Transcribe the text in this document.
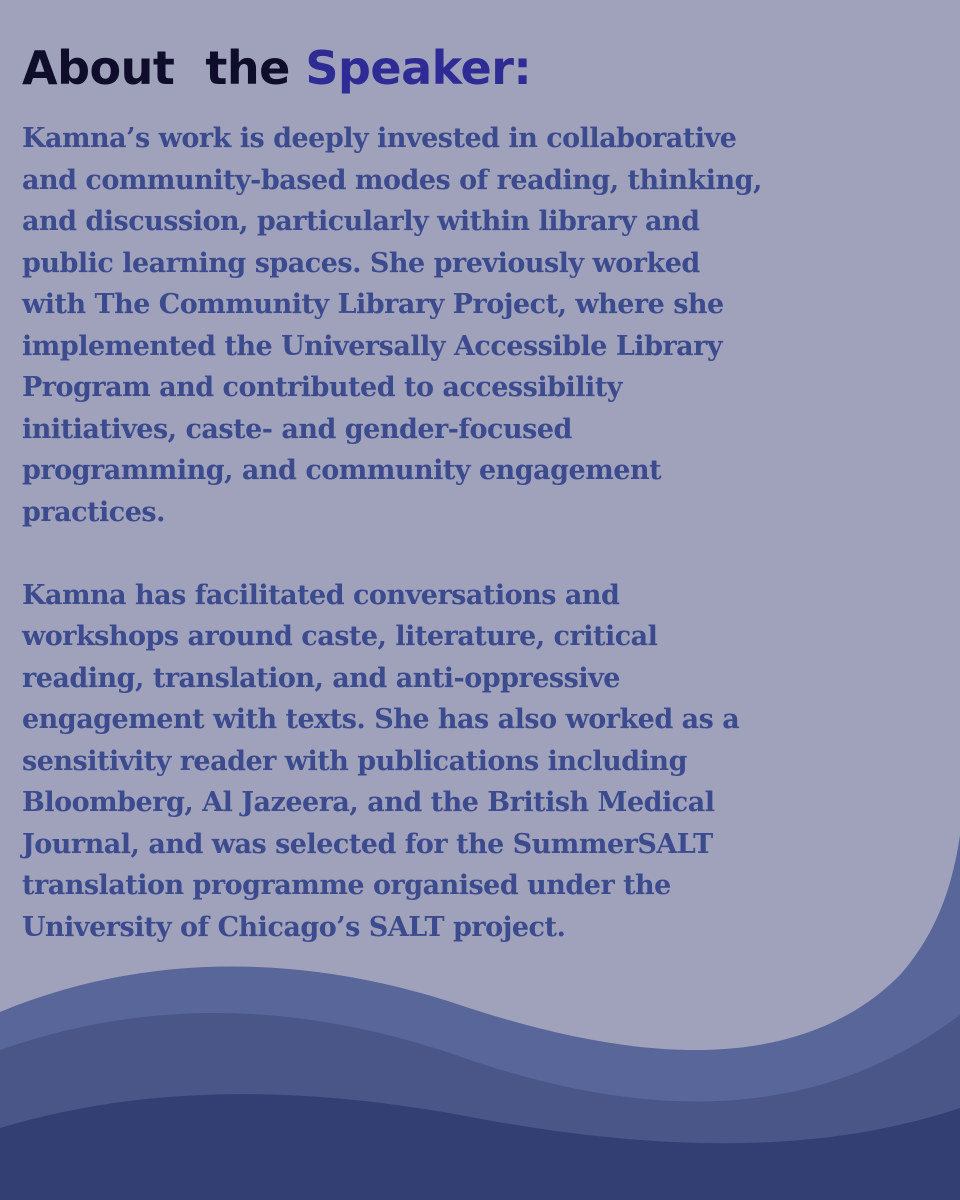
About the Speaker:

Kamna’s work is deeply invested in collaborative
and community-based modes of reading, thinking,
and discussion, particularly within library and
public learning spaces. She previously worked
with The Community Library Project, where she
implemented the Universally Accessible Library
Program and contributed to accessibility
initiatives, caste- and gender-focused
programming, and community engagement
practices.

Kamna has facilitated conversations and
workshops around caste, literature, critical
reading, translation, and anti-oppressive
engagement with texts. She has also worked as a
sensitivity reader with publications including
Bloomberg, Al Jazeera, and the British Medical
Journal, and was selected for the SummerSALT
translation programme organised under the
University of Chicago’s SALT project.
